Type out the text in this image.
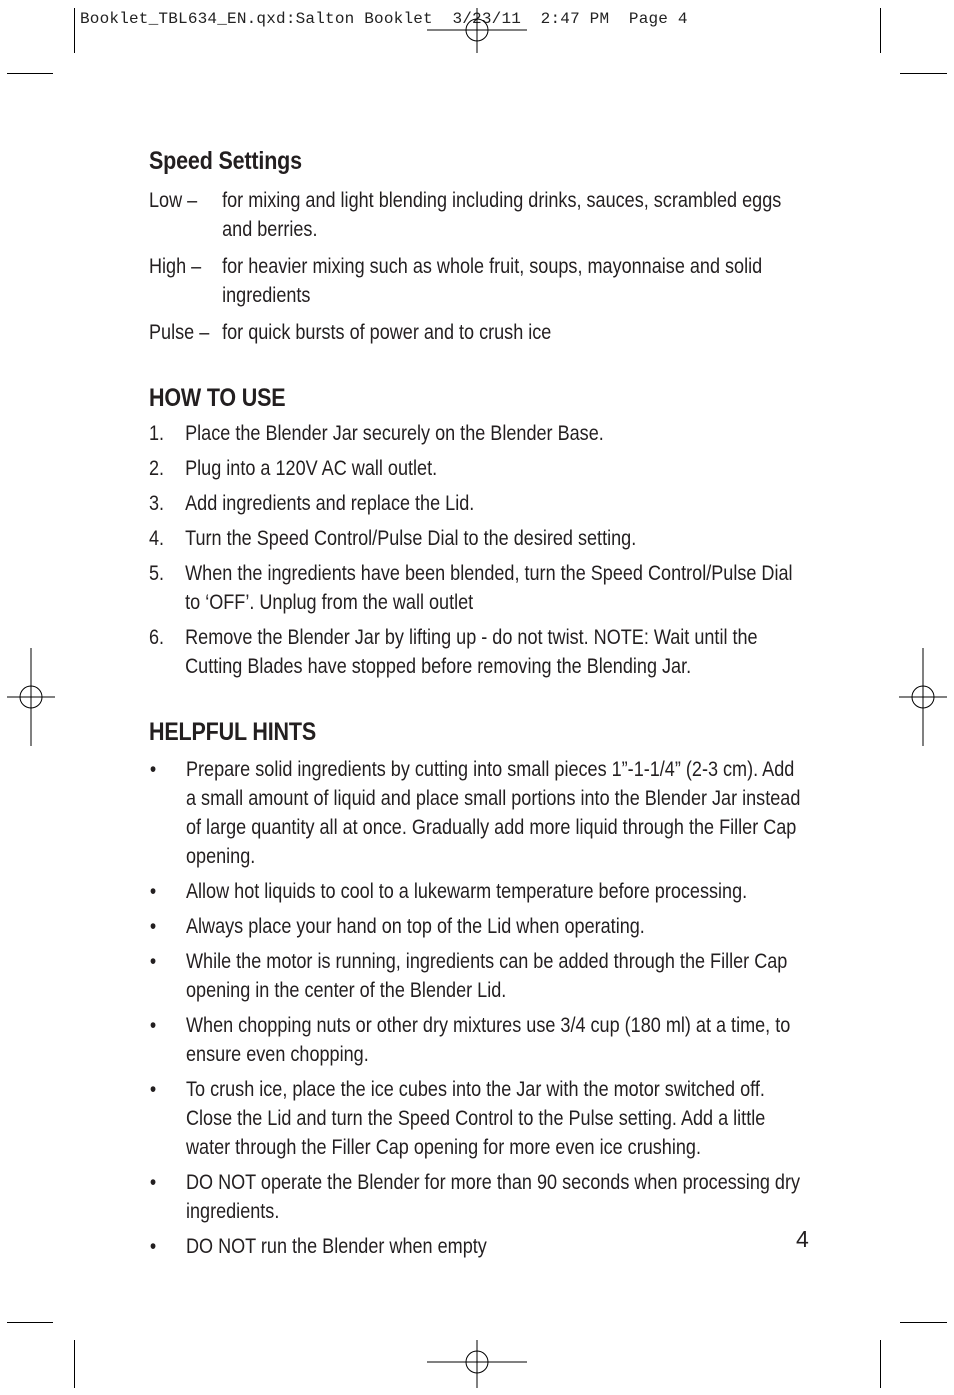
Booklet_TBL634_EN.qxd:Salton Booklet  3/23/11  2:47 PM  Page 4
Speed Settings
Low –	for mixing and light blending including drinks, sauces, scrambled eggs and berries.
High – for heavier mixing such as whole fruit, soups, mayonnaise and solid ingredients
Pulse – for quick bursts of power and to crush ice
HOW TO USE
1.	Place the Blender Jar securely on the Blender Base.
2.	Plug into a 120V AC wall outlet.
3.	Add ingredients and replace the Lid.
4.	Turn the Speed Control/Pulse Dial to the desired setting.
5.	When the ingredients have been blended, turn the Speed Control/Pulse Dial to ‘OFF’. Unplug from the wall outlet
6.	Remove the Blender Jar by lifting up - do not twist. NOTE: Wait until the Cutting Blades have stopped before removing the Blending Jar.
HELPFUL HINTS
•	Prepare solid ingredients by cutting into small pieces 1”-1-1/4” (2-3 cm). Add a small amount of liquid and place small portions into the Blender Jar instead of large quantity all at once. Gradually add more liquid through the Filler Cap opening.
•	Allow hot liquids to cool to a lukewarm temperature before processing.
•	Always place your hand on top of the Lid when operating.
•	While the motor is running, ingredients can be added through the Filler Cap opening in the center of the Blender Lid.
•	When chopping nuts or other dry mixtures use 3/4 cup (180 ml) at a time, to ensure even chopping.
•	To crush ice, place the ice cubes into the Jar with the motor switched off. Close the Lid and turn the Speed Control to the Pulse setting. Add a little water through the Filler Cap opening for more even ice crushing.
•	DO NOT operate the Blender for more than 90 seconds when processing dry ingredients.
•	DO NOT run the Blender when empty	4
